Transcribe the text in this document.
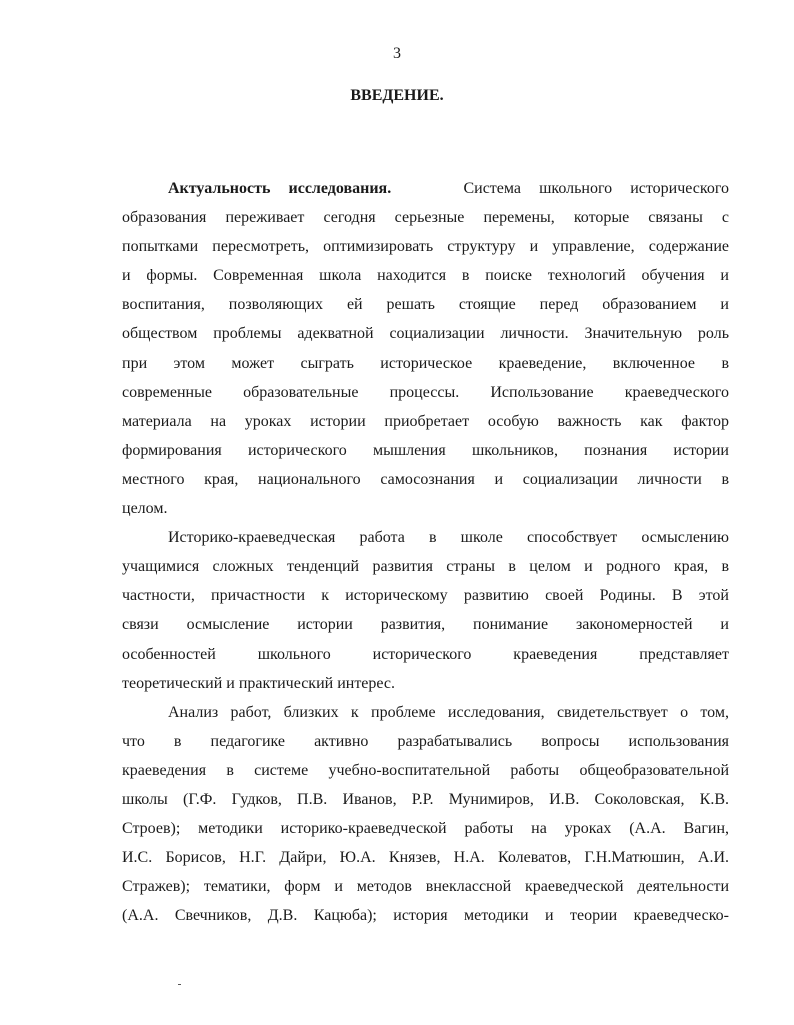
3
ВВЕДЕНИЕ.
Актуальность исследования.	Система школьного исторического
образования переживает сегодня серьезные перемены, которые связаны с
попытками пересмотреть, оптимизировать структуру и управление, содержание
и формы. Современная школа находится в поиске технологий обучения и
воспитания, позволяющих ей решать стоящие перед образованием и
обществом проблемы адекватной социализации личности. Значительную роль
при этом может сыграть историческое краеведение, включенное в
современные образовательные процессы. Использование краеведческого
материала на уроках истории приобретает особую важность как фактор
формирования исторического мышления школьников, познания истории
местного края, национального самосознания и социализации личности в
целом.
Историко-краеведческая работа в школе способствует осмыслению
учащимися сложных тенденций развития страны в целом и родного края, в
частности, причастности к историческому развитию своей Родины. В этой
связи осмысление истории развития, понимание закономерностей и
особенностей школьного исторического краеведения представляет
теоретический и практический интерес.
Анализ работ, близких к проблеме исследования, свидетельствует о том,
что в педагогике активно разрабатывались вопросы использования
краеведения в системе учебно-воспитательной работы общеобразовательной
школы (Г.Ф. Гудков, П.В. Иванов, Р.Р. Мунимиров, И.В. Соколовская, К.В.
Строев); методики историко-краеведческой работы на уроках (А.А. Вагин,
И.С. Борисов, Н.Г. Дайри, Ю.А. Князев, Н.А. Колеватов, Г.Н.Матюшин, А.И.
Стражев); тематики, форм и методов внеклассной краеведческой деятельности
(А.А. Свечников, Д.В. Кацюба); история методики и теории краеведческо-
